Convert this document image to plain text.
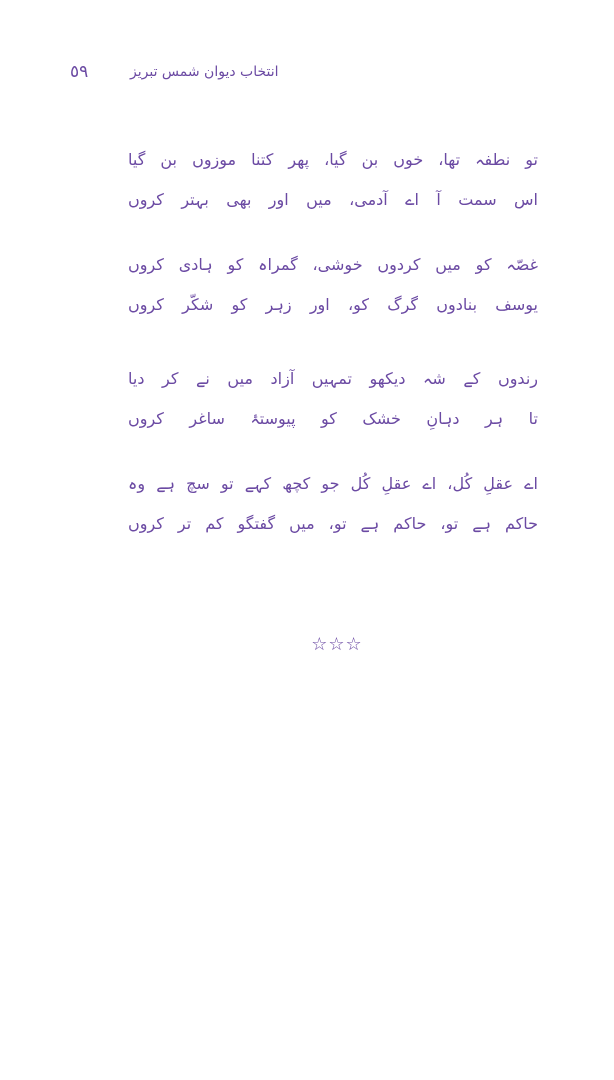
٩٥	انتخاب دیوان شمس تبریز
تو نطفہ تھا، خوں بن گیا، پھر کتنا موزوں بن گیا
اس سمت آ اے آدمی، میں اور بھی بہتر کروں
غصّہ کو میں کردوں خوشی، گمراہ کو ہادی کروں
یوسف بنادوں گرگ کو، اور زہر کو شکّر کروں
رندوں کے شہ دیکھو تمہیں آزاد میں نے کر دیا
تا ہر دہانِ خشک کو پیوستۂ ساغر کروں
اے عقلِ کُل، اے عقلِ کُل جو کچھ کہے تو سچ ہے وہ
حاکم ہے تو، حاکم ہے تو، میں گفتگو کم تر کروں
☆☆☆
